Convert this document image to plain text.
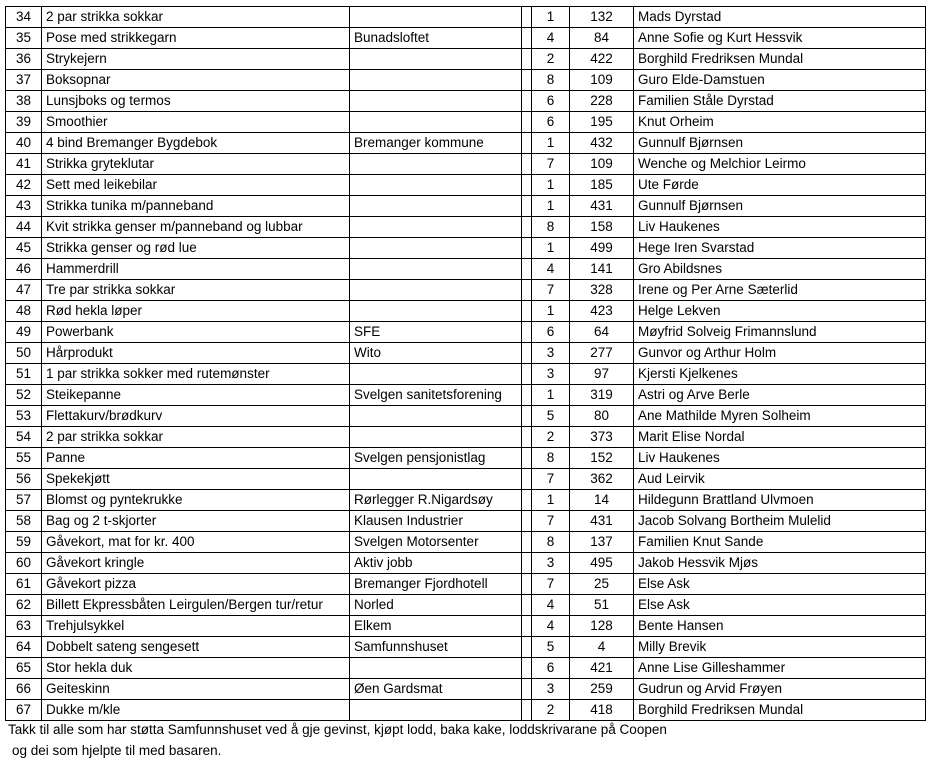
34	2 par strikka sokkar			1	132	Mads Dyrstad
35	Pose med strikkegarn	Bunadsloftet		4	84	Anne Sofie og Kurt Hessvik
36	Strykejern			2	422	Borghild Fredriksen Mundal
37	Boksopnar			8	109	Guro Elde-Damstuen
38	Lunsjboks og termos			6	228	Familien Ståle Dyrstad
39	Smoothier			6	195	Knut Orheim
40	4 bind Bremanger Bygdebok	Bremanger kommune		1	432	Gunnulf Bjørnsen
41	Strikka gryteklutar			7	109	Wenche og Melchior Leirmo
42	Sett med leikebilar			1	185	Ute Førde
43	Strikka tunika m/panneband			1	431	Gunnulf Bjørnsen
44	Kvit strikka genser m/panneband og lubbar			8	158	Liv Haukenes
45	Strikka genser og rød lue			1	499	Hege Iren Svarstad
46	Hammerdrill			4	141	Gro Abildsnes
47	Tre par strikka sokkar			7	328	Irene og Per Arne Sæterlid
48	Rød hekla løper			1	423	Helge Lekven
49	Powerbank	SFE		6	64	Møyfrid Solveig Frimannslund
50	Hårprodukt	Wito		3	277	Gunvor og Arthur Holm
51	1 par strikka sokker med rutemønster			3	97	Kjersti Kjelkenes
52	Steikepanne	Svelgen sanitetsforening		1	319	Astri og Arve Berle
53	Flettakurv/brødkurv			5	80	Ane Mathilde Myren Solheim
54	2 par strikka sokkar			2	373	Marit Elise Nordal
55	Panne	Svelgen pensjonistlag		8	152	Liv Haukenes
56	Spekekjøtt			7	362	Aud Leirvik
57	Blomst og pyntekrukke	Rørlegger R.Nigardsøy		1	14	Hildegunn Brattland Ulvmoen
58	Bag og 2 t-skjorter	Klausen Industrier		7	431	Jacob Solvang Bortheim Mulelid
59	Gåvekort, mat for kr. 400	Svelgen Motorsenter		8	137	Familien Knut Sande
60	Gåvekort kringle	Aktiv jobb		3	495	Jakob Hessvik Mjøs
61	Gåvekort pizza	Bremanger Fjordhotell		7	25	Else Ask
62	Billett Ekpressbåten Leirgulen/Bergen tur/retur	Norled		4	51	Else Ask
63	Trehjulsykkel	Elkem		4	128	Bente Hansen
64	Dobbelt sateng sengesett	Samfunnshuset		5	4	Milly Brevik
65	Stor hekla duk			6	421	Anne Lise Gilleshammer
66	Geiteskinn	Øen Gardsmat		3	259	Gudrun og Arvid Frøyen
67	Dukke m/kle			2	418	Borghild Fredriksen Mundal
Takk til alle som har støtta Samfunnshuset ved å gje gevinst, kjøpt lodd, baka kake, loddskrivarane på Coopen
og dei som hjelpte til med basaren.
